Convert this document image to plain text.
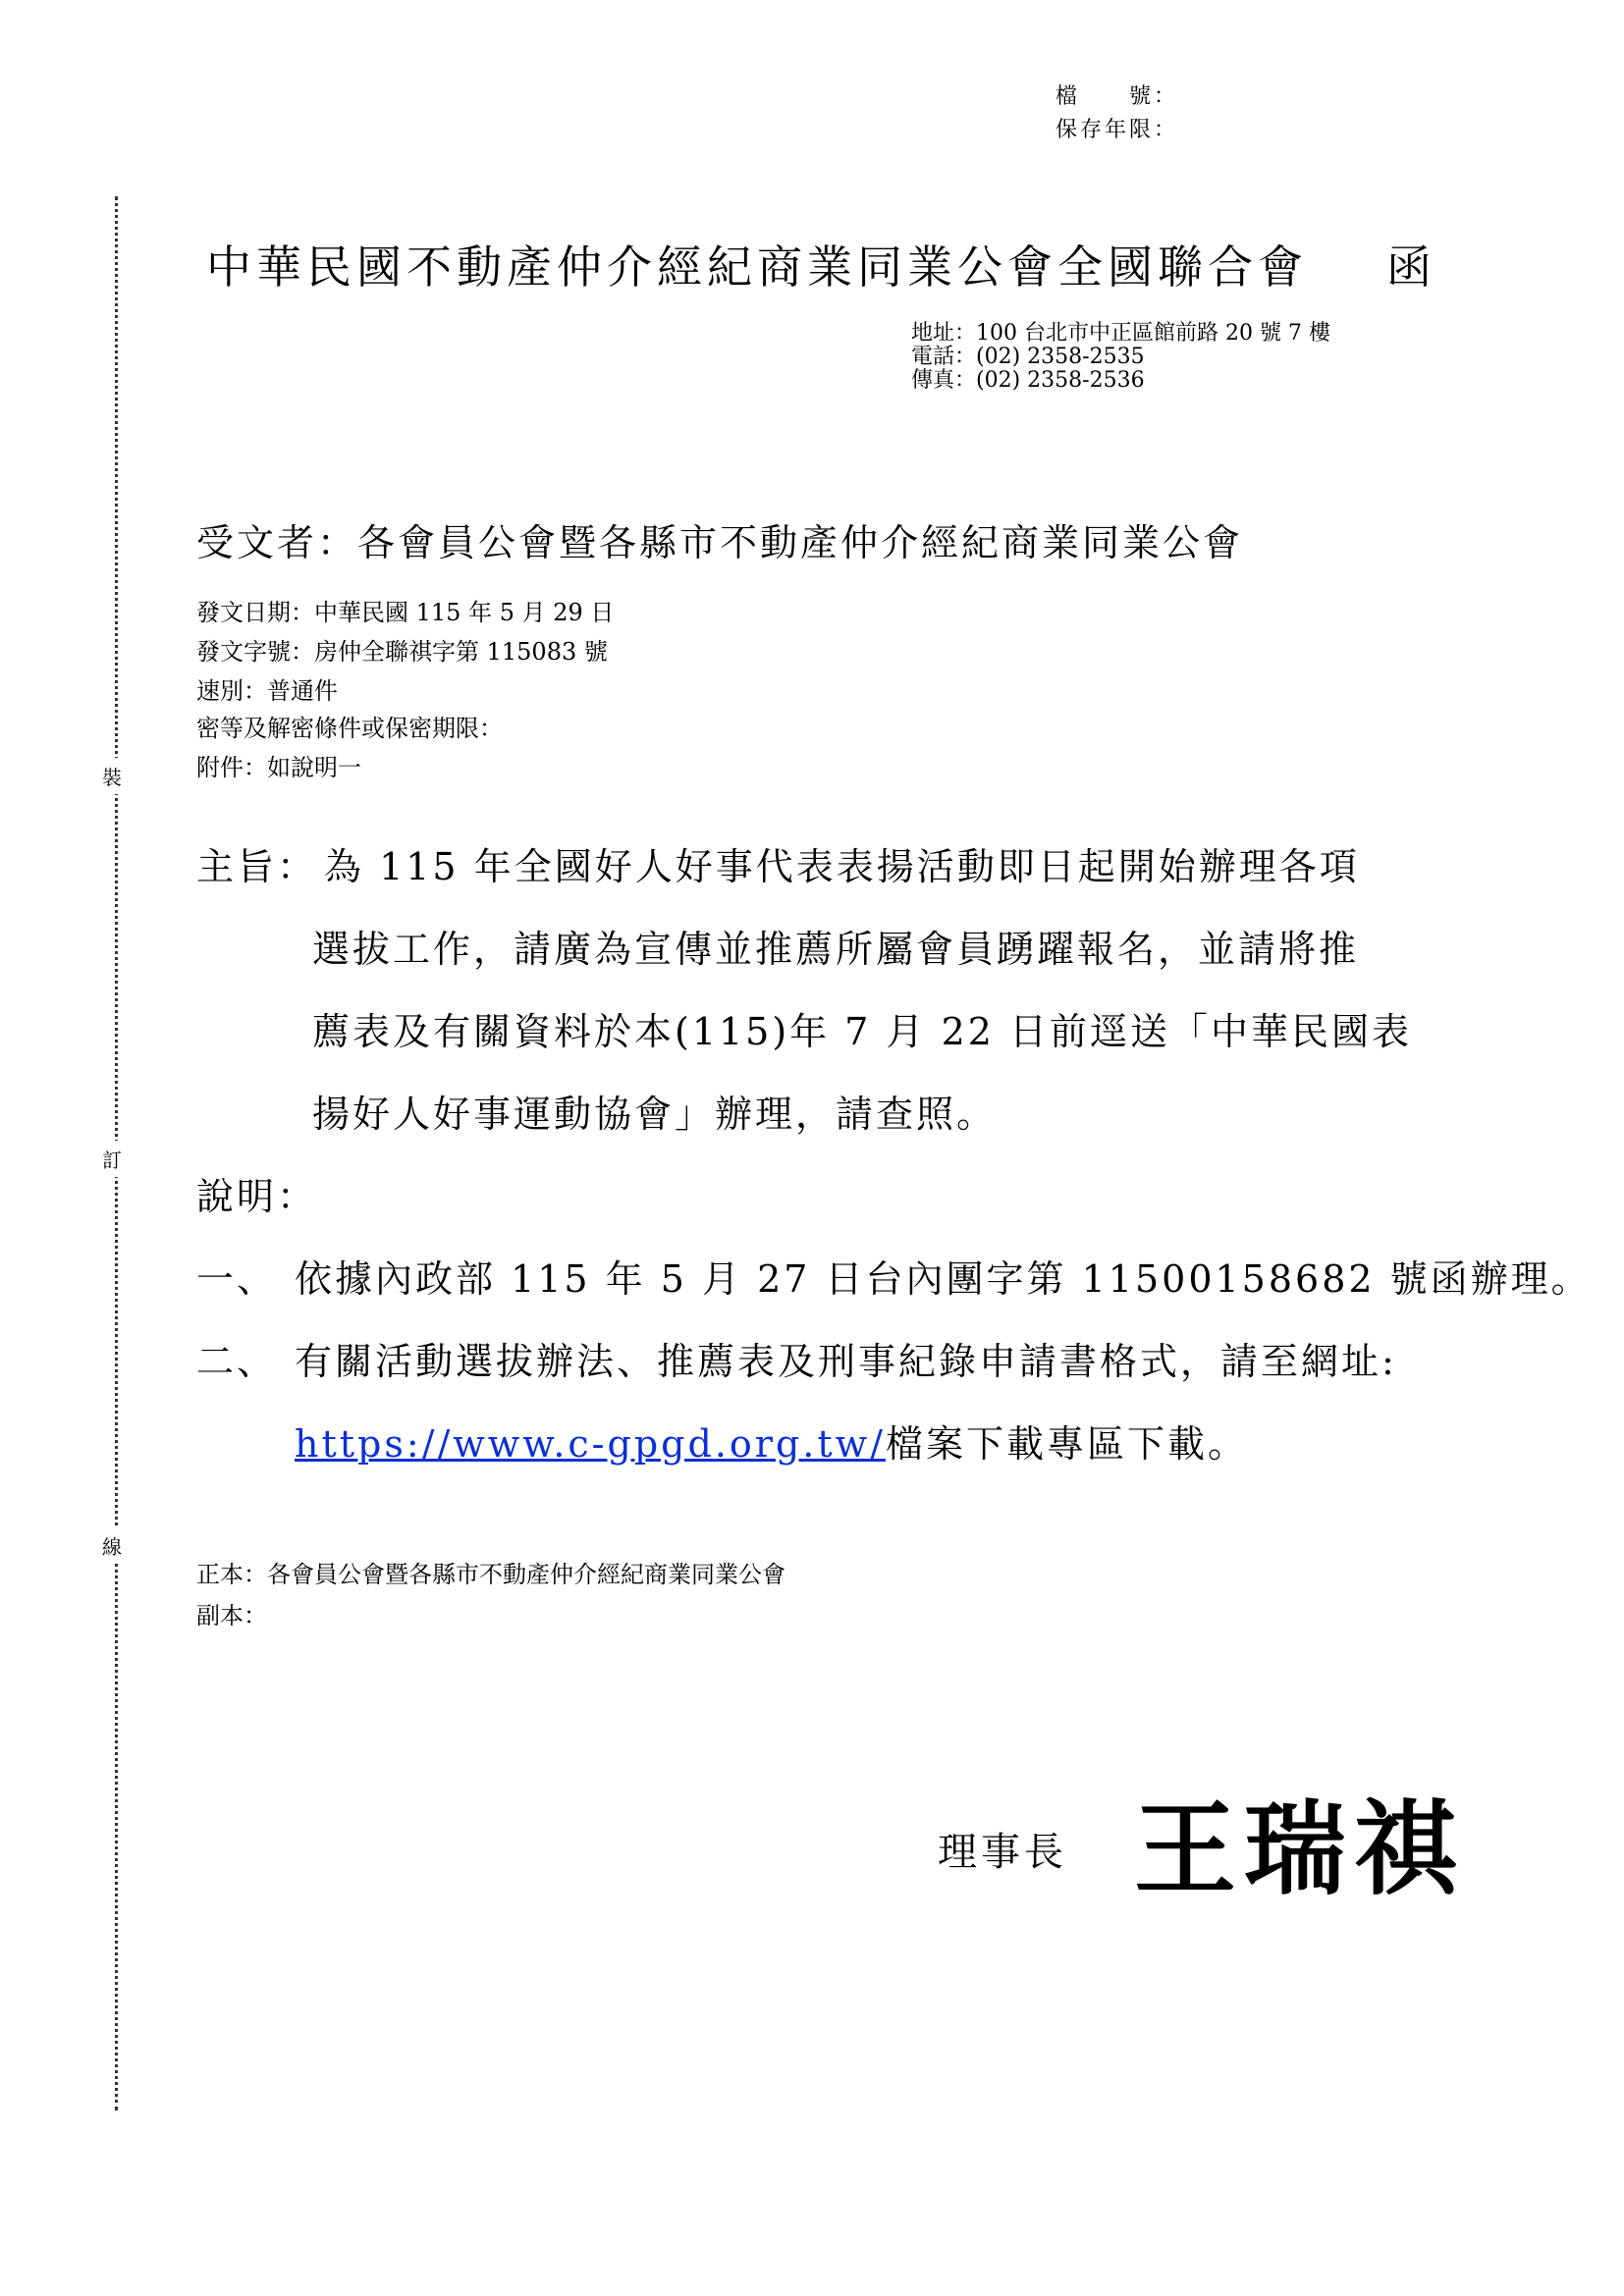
檔     號：
保存年限：
裝
訂
線
中華民國不動產仲介經紀商業同業公會全國聯合會 函
地址：100 台北市中正區館前路 20 號 7 樓
電話：(02) 2358-2535
傳真：(02) 2358-2536
受文者：各會員公會暨各縣市不動產仲介經紀商業同業公會
發文日期：中華民國 115 年 5 月 29 日
發文字號：房仲全聯祺字第 115083 號
速別：普通件
密等及解密條件或保密期限：
附件：如說明一
主旨： 為 115 年全國好人好事代表表揚活動即日起開始辦理各項
選拔工作，請廣為宣傳並推薦所屬會員踴躍報名，並請將推
薦表及有關資料於本(115)年 7 月 22 日前逕送「中華民國表
揚好人好事運動協會」辦理，請查照。
說明：
一、 依據內政部 115 年 5 月 27 日台內團字第 11500158682 號函辦理。
二、 有關活動選拔辦法、推薦表及刑事紀錄申請書格式，請至網址:
https://www.c-gpgd.org.tw/檔案下載專區下載。
正本：各會員公會暨各縣市不動產仲介經紀商業同業公會
副本：
理事長 王瑞祺
